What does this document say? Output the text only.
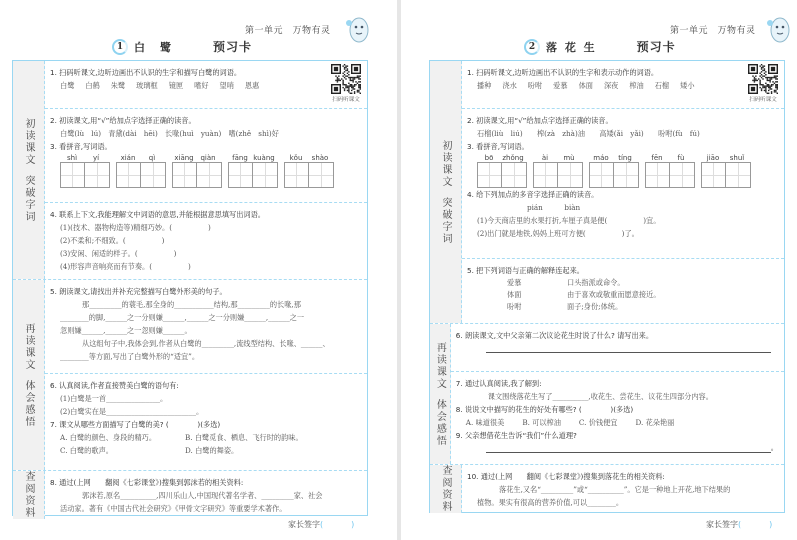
第一单元　万物有灵
1 白　鹭	预习卡
初读课文
突破字词
扫码听课文
1. 扫码听课文,边听边画出不认识的生字和描写白鹭的词语。
白鹭 白鹤 朱鹭 玻璃框 镜匣 嗜好 望哨 恩惠
2. 初读课文,用“√”给加点字选择正确的读音。
白鹭(lù　lú)　青黛(dài　hēi)　长喙(huì　yuàn)　嗜(zhě　shì)好
3. 看拼音,写词语。
shì	yí	xián	qì	xiāng qiàn	fāng kuàng	kǒu	shào
4. 联系上下文,我能理解文中词语的意思,并能根据意思填写出词语。
(1)(技术、器物构造等)精细巧妙。(　　　　　)
(2)不柔和;不细致。(　　　　　)
(3)安闲、闲适的样子。(　　　　　)
(4)形容声音响亮而有节奏。(　　　　　)
再读课文
体会感悟
5. 朗读课文,请找出并补充完整描写白鹭外形美的句子。
那_________的蓑毛,那全身的___________结构,那_________的长喙,那
________的脚,______之一分则嫌______,______之一分则嫌______,______之一
忽则嫌______,______之一忽则嫌______。
从这组句子中,我体会到,作者从白鹭的_________,流线型结构、长喙、______、
________等方面,写出了白鹭外形的“适宜”。
6. 认真阅读,作者直接赞美白鹭的语句有:
(1)白鹭是一首_______________。
(2)白鹭实在是_________________________。
7. 课文从哪些方面描写了白鹭的美? (　　　　)(多选)
A. 白鹭的颜色、身段的精巧。	B. 白鹭觅食、栖息、飞行时的韵味。
C. 白鹭的歌声。	D. 白鹭的舞姿。
查阅资料 8. 通过(上网　　翻阅《七彩课堂》)搜集到郭沫若的相关资料:
郭沫若,原名__________,四川乐山人,中国现代著名学者、_________家、社会
活动家。著有《中国古代社会研究》《甲骨文字研究》等重要学术著作。
家长签字(	)
第一单元　万物有灵
2 落 花 生	预习卡
初读课文
突破字词
扫码听课文
1. 扫码听课文,边听边画出不认识的生字和表示动作的词语。
播种 浇水 吩咐 爱慕 体面 深夜 榨油 石榴 矮小
2. 初读课文,用“√”给加点字选择正确的读音。
石榴(liù　liú)　　榨(zà　zhà)油　　高矮(ǎi　yǎi)　　吩咐(fù　fú)
3. 看拼音,写词语。
bō	zhǒng	ài	mù	máo	tíng	fēn	fù	jiāo	shuǐ
4. 给下列加点的多音字选择正确的读音。
pián　　　biàn
(1)今天商店里的水果打折,车厘子真是便(　　　　　)宜。
(2)出门就是地铁,妈妈上班可方便(　　　　　)了。
5. 把下列词语与正确的解释连起来。
爱慕	口头指派或命令。
体面	由于喜欢或敬重而愿意接近。
吩咐	面子;身份;体统。
再读课文
体会感悟
6. 朗读课文,文中父亲第二次议论花生时说了什么? 请写出来。
7. 通过认真阅读,我了解到:
课文围绕落花生写了__________,收花生、尝花生、议花生四部分内容。
8. 说说文中描写的花生的好处有哪些? (　　　　)(多选)
A. 味道很美	B. 可以榨油	C. 价钱便宜	D. 花朵艳丽
9. 父亲想借花生告诉“我们”什么道理?
。
查阅资料 10. 通过(上网　　翻阅《七彩课堂》)搜集到落花生的相关资料:
落花生,又名“_________”或“__________”。它是一种地上开花,地下结果的
植物。果实有很高的营养价值,可以________。
家长签字(	)
